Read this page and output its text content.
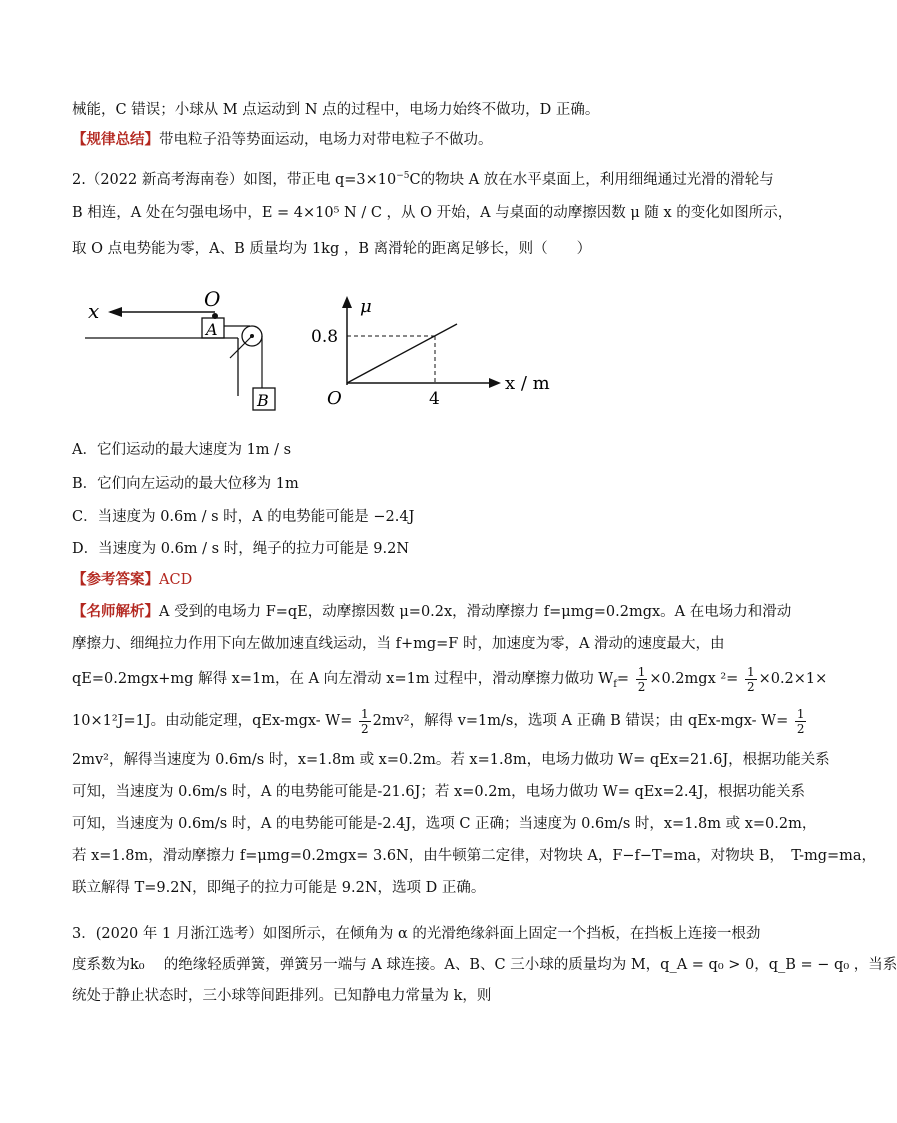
械能，C 错误；小球从 M 点运动到 N 点的过程中，电场力始终不做功，D 正确。
【规律总结】带电粒子沿等势面运动，电场力对带电粒子不做功。
2.（2022 新高考海南卷）如图，带正电 $q=3\times 10^{-5}C$的物块 A 放在水平桌面上，利用细绳通过光滑的滑轮与
B 相连，A 处在匀强电场中，E = 4×10⁵ N / C ，从 O 开始，A 与桌面的动摩擦因数 μ 随 x 的变化如图所示，
取 O 点电势能为零，A、B 质量均为 1kg ，B 离滑轮的距离足够长，则（　　）
x	O
A
B
μ
x / m
0.8
O	4
A．它们运动的最大速度为 1m / s
B．它们向左运动的最大位移为 1m
C．当速度为 0.6m / s 时，A 的电势能可能是 −2.4J
D．当速度为 0.6m / s 时，绳子的拉力可能是 9.2N
【参考答案】ACD
【名师解析】A 受到的电场力 F=qE，动摩擦因数 μ=0.2x，滑动摩擦力 f=μmg=0.2mgx。A 在电场力和滑动
摩擦力、细绳拉力作用下向左做加速直线运动，当 f+mg=F 时，加速度为零，A 滑动的速度最大，由
qE=0.2mgx+mg 解得 x=1m，在 A 向左滑动 x=1m 过程中，滑动摩擦力做功 $W_f= \frac{1}{2} \times 0.2mgx$ $^2= \frac{1}{2} \times 0.2\times 1\times$
10×1²J=1J。由动能定理，qEx-mgx- $W= \frac{1}{2} 2mv^2$，解得 v=1m/s，选项 A 正确 B 错误；由 qEx-mgx- $W= \frac{1}{2}$
2mv²，解得当速度为 0.6m/s 时，x=1.8m 或 x=0.2m。若 x=1.8m，电场力做功 W= qEx=21.6J，根据功能关系
可知，当速度为 0.6m/s 时，A 的电势能可能是-21.6J；若 x=0.2m，电场力做功 W= qEx=2.4J，根据功能关系
可知，当速度为 0.6m/s 时，A 的电势能可能是-2.4J，选项 C 正确；当速度为 0.6m/s 时，x=1.8m 或 x=0.2m，
若 x=1.8m，滑动摩擦力 f=μmg=0.2mgx= 3.6N，由牛顿第二定律，对物块 A，F−f−T=ma，对物块 B，　T-mg=ma，
联立解得 T=9.2N，即绳子的拉力可能是 9.2N，选项 D 正确。
3．(2020 年 1 月浙江选考）如图所示，在倾角为 α 的光滑绝缘斜面上固定一个挡板，在挡板上连接一根劲
度系数为k₀ 　的绝缘轻质弹簧，弹簧另一端与 A 球连接。A、B、C 三小球的质量均为 M，q_A = q₀ > 0，q_B = − q₀ ，当系
统处于静止状态时，三小球等间距排列。已知静电力常量为 k，则
